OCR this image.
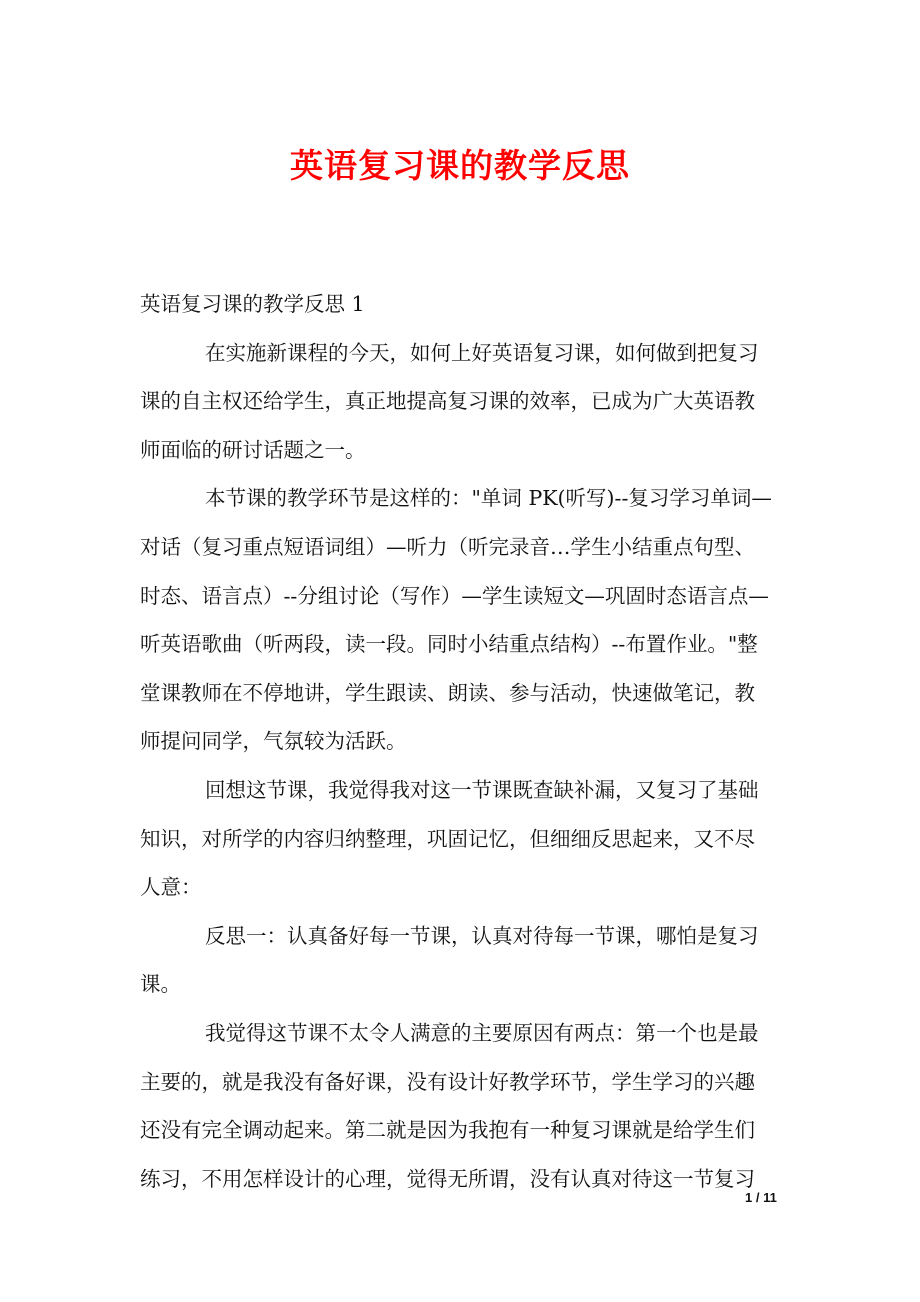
英语复习课的教学反思
英语复习课的教学反思 1
在实施新课程的今天，如何上好英语复习课，如何做到把复习
课的自主权还给学生，真正地提高复习课的效率，已成为广大英语教
师面临的研讨话题之一。
本节课的教学环节是这样的："单词 PK(听写)--复习学习单词—
对话（复习重点短语词组）—听力（听完录音…学生小结重点句型、
时态、语言点）--分组讨论（写作）—学生读短文—巩固时态语言点—
听英语歌曲（听两段，读一段。同时小结重点结构）--布置作业。"整
堂课教师在不停地讲，学生跟读、朗读、参与活动，快速做笔记，教
师提问同学，气氛较为活跃。
回想这节课，我觉得我对这一节课既查缺补漏，又复习了基础
知识，对所学的内容归纳整理，巩固记忆，但细细反思起来，又不尽
人意：
反思一：认真备好每一节课，认真对待每一节课，哪怕是复习
课。
我觉得这节课不太令人满意的主要原因有两点：第一个也是最
主要的，就是我没有备好课，没有设计好教学环节，学生学习的兴趣
还没有完全调动起来。第二就是因为我抱有一种复习课就是给学生们
练习，不用怎样设计的心理，觉得无所谓，没有认真对待这一节复习
1 / 11
